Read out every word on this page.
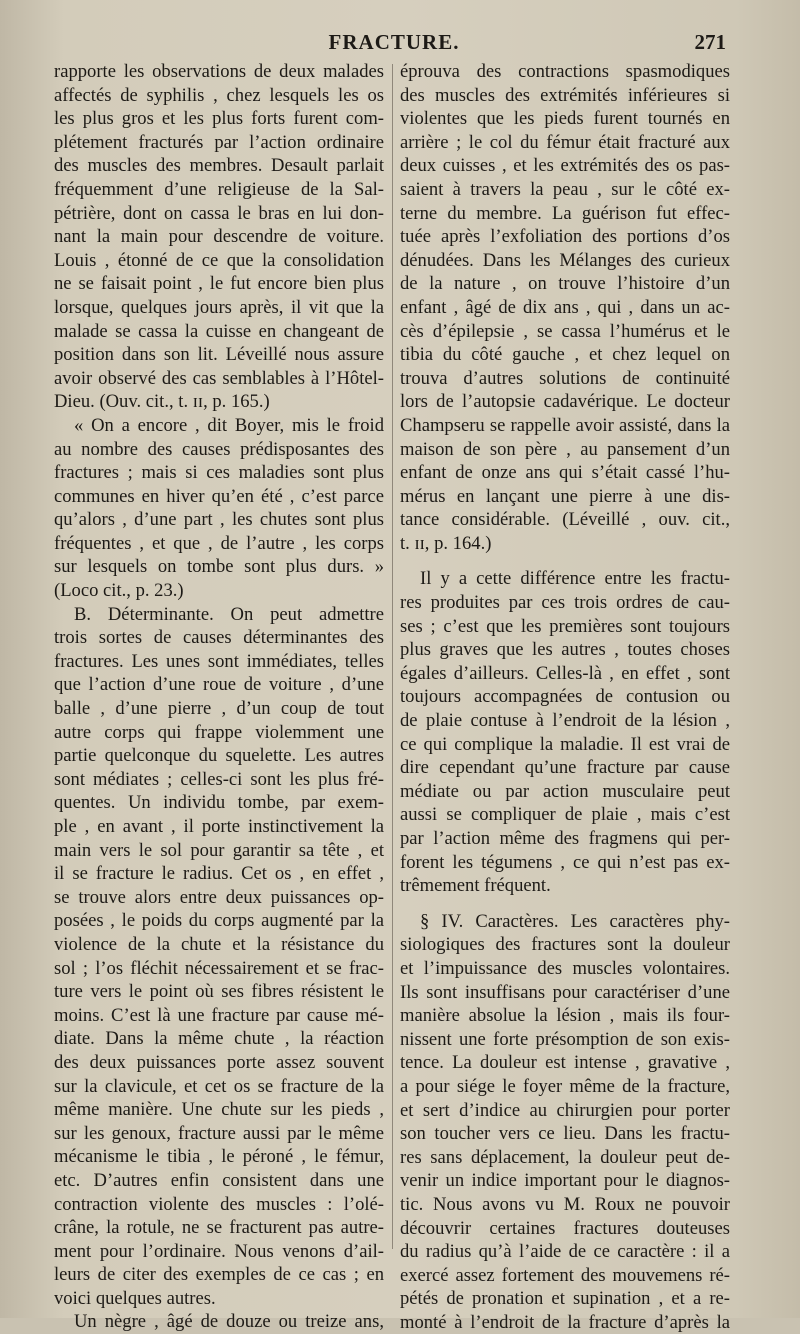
FRACTURE.	271
rapporte les observations de deux malades
affectés de syphilis , chez lesquels les os
les plus gros et les plus forts furent com-
plétement fracturés par l’action ordinaire
des muscles des membres. Desault parlait
fréquemment d’une religieuse de la Sal-
pétrière, dont on cassa le bras en lui don-
nant la main pour descendre de voiture.
Louis , étonné de ce que la consolidation
ne se faisait point , le fut encore bien plus
lorsque, quelques jours après, il vit que la
malade se cassa la cuisse en changeant de
position dans son lit. Léveillé nous assure
avoir observé des cas semblables à l’Hôtel-
Dieu. (Ouv. cit., t. ɪɪ, p. 165.)
« On a encore , dit Boyer, mis le froid
au nombre des causes prédisposantes des
fractures ; mais si ces maladies sont plus
communes en hiver qu’en été , c’est parce
qu’alors , d’une part , les chutes sont plus
fréquentes , et que , de l’autre , les corps
sur lesquels on tombe sont plus durs. »
(Loco cit., p. 23.)
B. Déterminante. On peut admettre
trois sortes de causes déterminantes des
fractures. Les unes sont immédiates, telles
que l’action d’une roue de voiture , d’une
balle , d’une pierre , d’un coup de tout
autre corps qui frappe violemment une
partie quelconque du squelette. Les autres
sont médiates ; celles-ci sont les plus fré-
quentes. Un individu tombe, par exem-
ple , en avant , il porte instinctivement la
main vers le sol pour garantir sa tête , et
il se fracture le radius. Cet os , en effet ,
se trouve alors entre deux puissances op-
posées , le poids du corps augmenté par la
violence de la chute et la résistance du
sol ; l’os fléchit nécessairement et se frac-
ture vers le point où ses fibres résistent le
moins. C’est là une fracture par cause mé-
diate. Dans la même chute , la réaction
des deux puissances porte assez souvent
sur la clavicule, et cet os se fracture de la
même manière. Une chute sur les pieds ,
sur les genoux, fracture aussi par le même
mécanisme le tibia , le péroné , le fémur,
etc. D’autres enfin consistent dans une
contraction violente des muscles : l’olé-
crâne, la rotule, ne se fracturent pas autre-
ment pour l’ordinaire. Nous venons d’ail-
leurs de citer des exemples de ce cas ; en
voici quelques autres.
Un nègre , âgé de douze ou treize ans,
éprouva des contractions spasmodiques
des muscles des extrémités inférieures si
violentes que les pieds furent tournés en
arrière ; le col du fémur était fracturé aux
deux cuisses , et les extrémités des os pas-
saient à travers la peau , sur le côté ex-
terne du membre. La guérison fut effec-
tuée après l’exfoliation des portions d’os
dénudées. Dans les Mélanges des curieux
de la nature , on trouve l’histoire d’un
enfant , âgé de dix ans , qui , dans un ac-
cès d’épilepsie , se cassa l’humérus et le
tibia du côté gauche , et chez lequel on
trouva d’autres solutions de continuité
lors de l’autopsie cadavérique. Le docteur
Champseru se rappelle avoir assisté, dans la
maison de son père , au pansement d’un
enfant de onze ans qui s’était cassé l’hu-
mérus en lançant une pierre à une dis-
tance considérable. (Léveillé , ouv. cit.,
t. ɪɪ, p. 164.)
Il y a cette différence entre les fractu-
res produites par ces trois ordres de cau-
ses ; c’est que les premières sont toujours
plus graves que les autres , toutes choses
égales d’ailleurs. Celles-là , en effet , sont
toujours accompagnées de contusion ou
de plaie contuse à l’endroit de la lésion ,
ce qui complique la maladie. Il est vrai de
dire cependant qu’une fracture par cause
médiate ou par action musculaire peut
aussi se compliquer de plaie , mais c’est
par l’action même des fragmens qui per-
forent les tégumens , ce qui n’est pas ex-
trêmement fréquent.
§ IV. Caractères. Les caractères phy-
siologiques des fractures sont la douleur
et l’impuissance des muscles volontaires.
Ils sont insuffisans pour caractériser d’une
manière absolue la lésion , mais ils four-
nissent une forte présomption de son exis-
tence. La douleur est intense , gravative ,
a pour siége le foyer même de la fracture,
et sert d’indice au chirurgien pour porter
son toucher vers ce lieu. Dans les fractu-
res sans déplacement, la douleur peut de-
venir un indice important pour le diagnos-
tic. Nous avons vu M. Roux ne pouvoir
découvrir certaines fractures douteuses
du radius qu’à l’aide de ce caractère : il a
exercé assez fortement des mouvemens ré-
pétés de pronation et supination , et a re-
monté à l’endroit de la fracture d’après la
